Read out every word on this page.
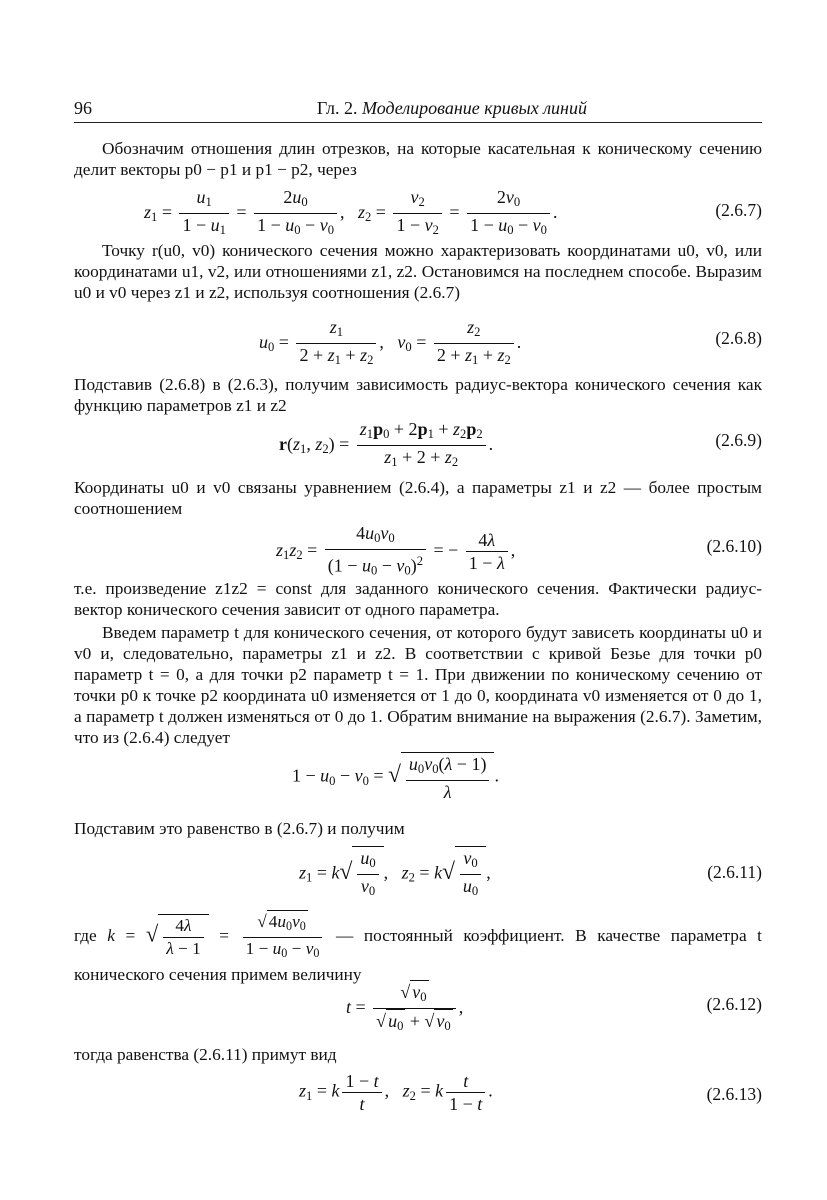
96	Гл. 2. Моделирование кривых линий
Обозначим отношения длин отрезков, на которые касательная к коническому сечению делит векторы p0 − p1 и p1 − p2, через
$z_1 = \frac{u_1}{1 - u_1} = \frac{2u_0}{1 - u_0 - v_0}$ ,   $z_2 = \frac{v_2}{1 - v_2} = \frac{2v_0}{1 - u_0 - v_0}$ .	(2.6.7)
Точку r(u0, v0) конического сечения можно характеризовать координатами u0, v0, или координатами u1, v2, или отношениями z1, z2. Остановимся на последнем способе. Выразим u0 и v0 через z1 и z2, используя соотношения (2.6.7)
$u_0 = \frac{z_1}{2 + z_1 + z_2}$ ,   $v_0 = \frac{z_2}{2 + z_1 + z_2}$ .	(2.6.8)
Подставив (2.6.8) в (2.6.3), получим зависимость радиус-вектора конического сечения как функцию параметров z1 и z2
$r(z_1$, $z_2) = \frac{z_1p_0 + 2p_1 + z_2p_2}{z_1 + 2 + z_2}$ .	(2.6.9)
Координаты u0 и v0 связаны уравнением (2.6.4), а параметры z1 и z2 — более простым соотношением
$z_1z_2 = \frac{4u_0v_0}{(1 - u_0 - v_0)^2}$ = − $\frac{4\lambda}{1 - \lambda}$ ,	(2.6.10)
т.е. произведение z1z2 = const для заданного конического сечения. Фактически радиус-вектор конического сечения зависит от одного параметра.
Введем параметр t для конического сечения, от которого будут зависеть координаты u0 и v0 и, следовательно, параметры z1 и z2. В соответствии с кривой Безье для точки p0 параметр t = 0, а для точки p2 параметр t = 1. При движении по коническому сечению от точки p0 к точке p2 координата u0 изменяется от 1 до 0, координата v0 изменяется от 0 до 1, а параметр t должен изменяться от 0 до 1. Обратим внимание на выражения (2.6.7). Заметим, что из (2.6.4) следует
$1 - u_0 - v_0$ = √ $\frac{u_0v_0(\lambda - 1)}{\lambda}$ .
Подставим это равенство в (2.6.7) и получим
$z_1 = k√ \frac{u_0}{v_0}$ ,   $z_2 = k√ \frac{v_0}{u_0}$ ,	(2.6.11)
где k = √ $\frac{4\lambda}{\lambda - 1} = \frac{√ 4u_0v_0}{1 - u_0 - v_0}$ — постоянный коэффициент. В качестве параметра t конического сечения примем величину
$t = \frac{√ v_0}{√ u_0 + √ v_0}$ ,	(2.6.12)
тогда равенства (2.6.11) примут вид
$z_1 = k \frac{1 - t}{t}$ ,   $z_2 = k \frac{t}{1 - t}$ .	(2.6.13)
